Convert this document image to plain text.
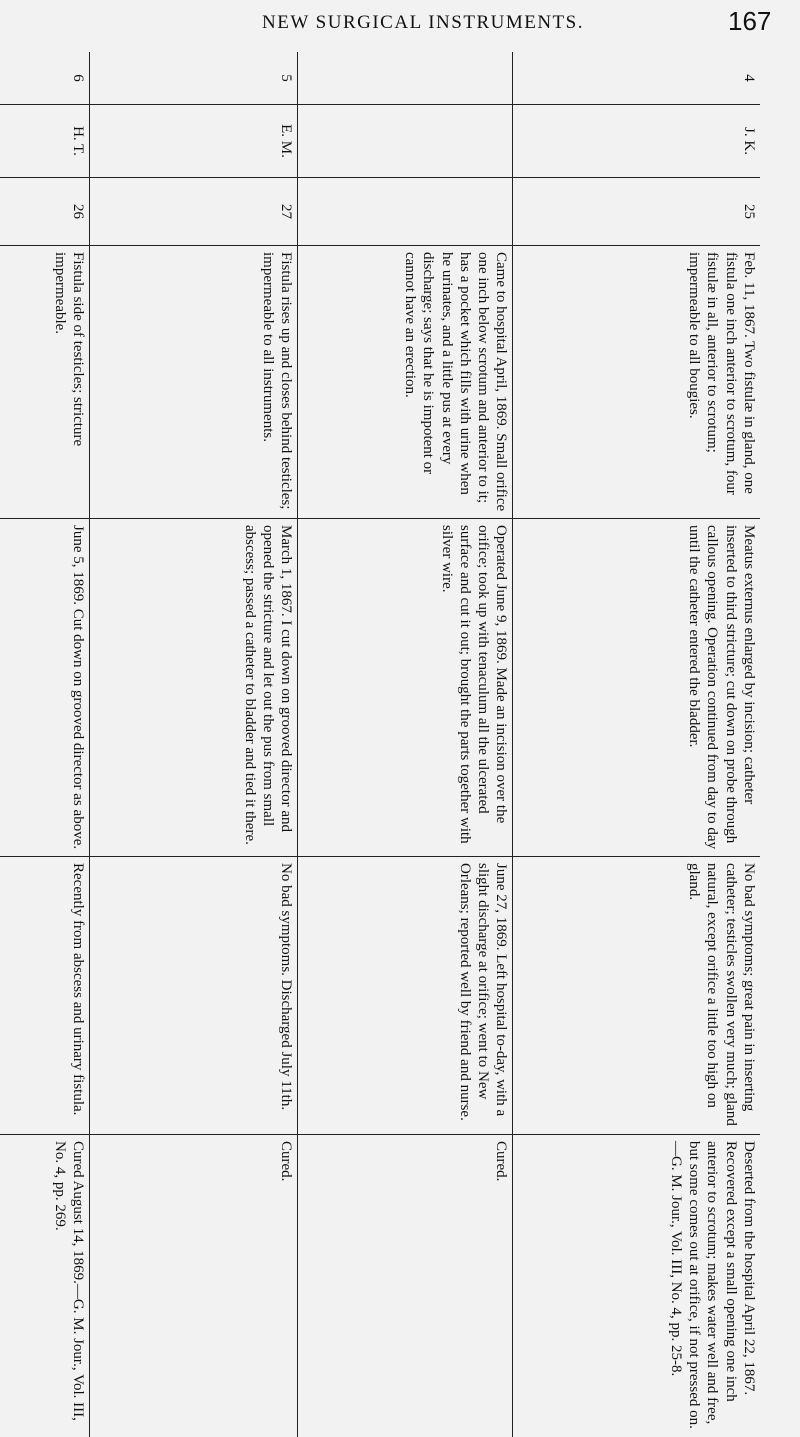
NEW SURGICAL INSTRUMENTS.	167
4	J. K.	25	Feb. 11, 1867. Two fistulæ in gland, one fistula one inch anterior to scrotum, four fistulæ in all, anterior to scrotum; impermeable to all bougies.	Meatus externus enlarged by incision; catheter inserted to third stricture; cut down on probe through callous opening. Operation continued from day to day until the catheter entered the bladder.	No bad symptoms; great pain in inserting catheter; testicles swollen very much; gland natural, except orifice a little too high on gland.	Deserted from the hospital April 22, 1867. Recovered except a small opening one inch anterior to scrotum; makes water well and free, but some comes out at orifice, if not pressed on.—G. M. Jour., Vol. III, No. 4, pp. 25-8.
			Came to hospital April, 1869. Small orifice one inch below scrotum and anterior to it; has a pocket which fills with urine when he urinates, and a little pus at every discharge; says that he is impotent or cannot have an erection.	Operated June 9, 1869. Made an incision over the orifice; took up with tenaculum all the ulcerated surface and cut it out; brought the parts together with silver wire.	June 27, 1869. Left hospital to-day, with a slight discharge at orifice; went to New Orleans; reported well by friend and nurse.	Cured.
5	E. M.	27	Fistula rises up and closes behind testicles; impermeable to all instruments.	March 1, 1867. I cut down on grooved director and opened the stricture and let out the pus from small abscess; passed a catheter to bladder and tied it there.	No bad symptoms. Discharged July 11th.	Cured.
6	H. T.	26	Fistula side of testicles; stricture impermeable.	June 5, 1869. Cut down on grooved director as above.	Recently from abscess and urinary fistula.	Cured August 14, 1869.—G. M. Jour., Vol. III, No. 4, pp. 269.
